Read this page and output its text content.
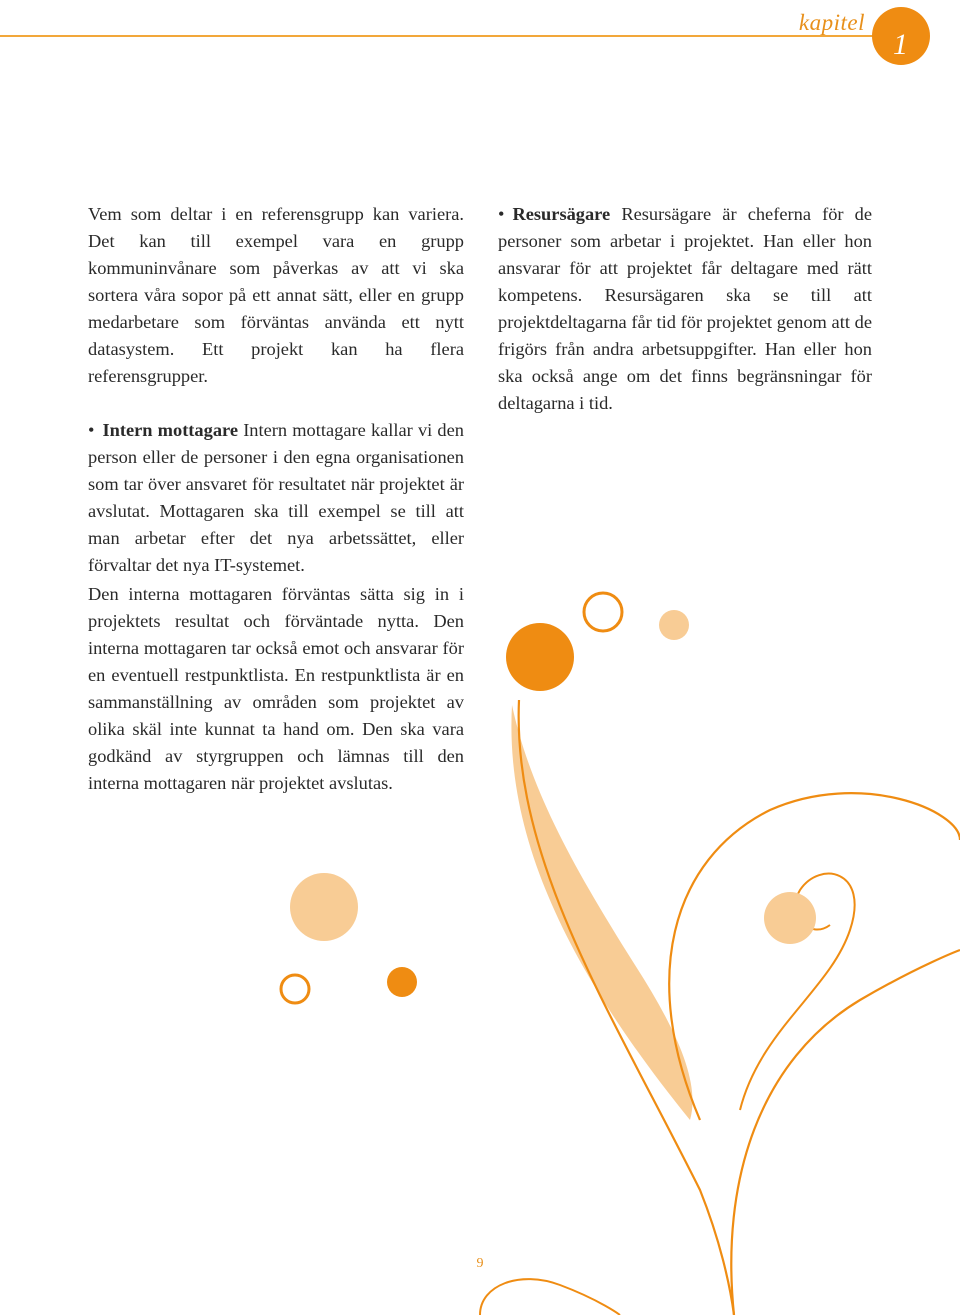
kapitel
1

Vem som deltar i en referensgrupp kan variera. Det kan till exempel vara en grupp kommuninvånare som påverkas av att vi ska sortera våra sopor på ett annat sätt, eller en grupp medarbetare som förväntas använda ett nytt datasystem. Ett projekt kan ha flera referensgrupper.

• Intern mottagare Intern mottagare kallar vi den person eller de personer i den egna organisationen som tar över ansvaret för resultatet när projektet är avslutat. Mottagaren ska till exempel se till att man arbetar efter det nya arbetssättet, eller förvaltar det nya IT-systemet.

Den interna mottagaren förväntas sätta sig in i projektets resultat och förväntade nytta. Den interna mottagaren tar också emot och ansvarar för en eventuell restpunktlista. En restpunktlista är en sammanställning av områden som projektet av olika skäl inte kunnat ta hand om. Den ska vara godkänd av styrgruppen och lämnas till den interna mottagaren när projektet avslutas.

• Resursägare Resursägare är cheferna för de personer som arbetar i projektet. Han eller hon ansvarar för att projektet får deltagare med rätt kompetens. Resursägaren ska se till att projektdeltagarna får tid för projektet genom att de frigörs från andra arbetsuppgifter. Han eller hon ska också ange om det finns begränsningar för deltagarna i tid.

9
